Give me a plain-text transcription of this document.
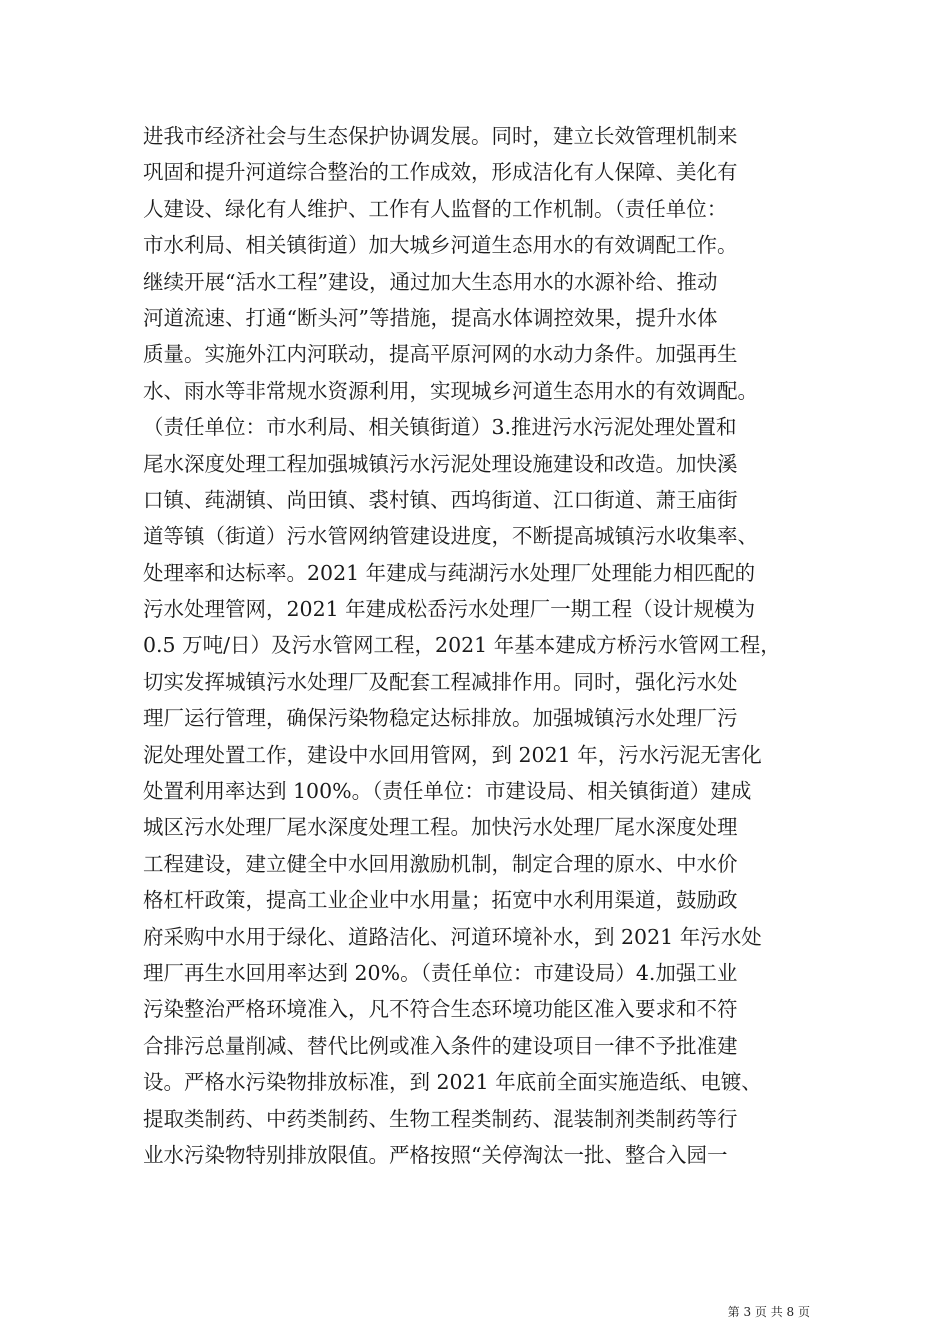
进我市经济社会与生态保护协调发展。同时，建立长效管理机制来
巩固和提升河道综合整治的工作成效，形成洁化有人保障、美化有
人建设、绿化有人维护、工作有人监督的工作机制。（责任单位：
市水利局、相关镇街道）加大城乡河道生态用水的有效调配工作。
继续开展“活水工程”建设，通过加大生态用水的水源补给、推动
河道流速、打通“断头河”等措施，提高水体调控效果，提升水体
质量。实施外江内河联动，提高平原河网的水动力条件。加强再生
水、雨水等非常规水资源利用，实现城乡河道生态用水的有效调配。
（责任单位：市水利局、相关镇街道）3.推进污水污泥处理处置和
尾水深度处理工程加强城镇污水污泥处理设施建设和改造。加快溪
口镇、莼湖镇、尚田镇、裘村镇、西坞街道、江口街道、萧王庙街
道等镇（街道）污水管网纳管建设进度，不断提高城镇污水收集率、
处理率和达标率。2021 年建成与莼湖污水处理厂处理能力相匹配的
污水处理管网，2021 年建成松岙污水处理厂一期工程（设计规模为
0.5 万吨/日）及污水管网工程，2021 年基本建成方桥污水管网工程，
切实发挥城镇污水处理厂及配套工程减排作用。同时，强化污水处
理厂运行管理，确保污染物稳定达标排放。加强城镇污水处理厂污
泥处理处置工作，建设中水回用管网，到 2021 年，污水污泥无害化
处置利用率达到 100%。（责任单位：市建设局、相关镇街道）建成
城区污水处理厂尾水深度处理工程。加快污水处理厂尾水深度处理
工程建设，建立健全中水回用激励机制，制定合理的原水、中水价
格杠杆政策，提高工业企业中水用量；拓宽中水利用渠道，鼓励政
府采购中水用于绿化、道路洁化、河道环境补水，到 2021 年污水处
理厂再生水回用率达到 20%。（责任单位：市建设局）4.加强工业
污染整治严格环境准入，凡不符合生态环境功能区准入要求和不符
合排污总量削减、替代比例或准入条件的建设项目一律不予批准建
设。严格水污染物排放标准，到 2021 年底前全面实施造纸、电镀、
提取类制药、中药类制药、生物工程类制药、混装制剂类制药等行
业水污染物特别排放限值。严格按照“关停淘汰一批、整合入园一
第 3 页 共 8 页
